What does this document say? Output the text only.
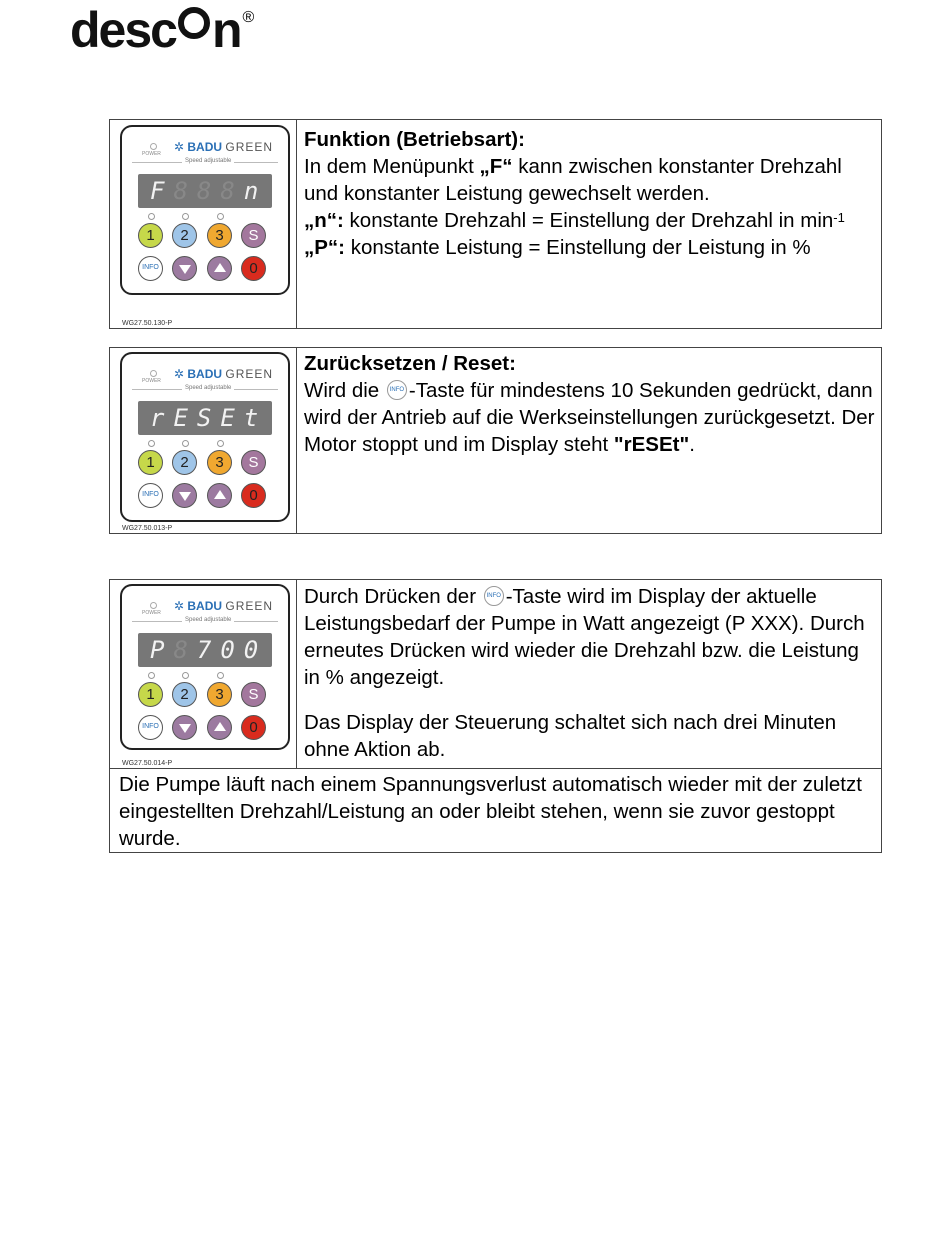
desc n ®
POWER ✲ BADU GREEN
Speed adjustable
F888n
1	2	3	S
INFO	0
WG27.50.130-P
Funktion (Betriebsart):
In dem Menüpunkt „F“ kann zwischen konstanter Drehzahl und konstanter Leistung gewechselt werden.
„n“: konstante Drehzahl = Einstellung der Drehzahl in $\min^{-1}$
„P“: konstante Leistung = Einstellung der Leistung in %
POWER ✲ BADU GREEN
Speed adjustable
rESEt
1	2	3	S
INFO	0
WG27.50.013-P
Zurücksetzen / Reset:
Wird die INFO -Taste für mindestens 10 Sekunden gedrückt, dann wird der Antrieb auf die Werkseinstellungen zurückgesetzt. Der Motor stoppt und im Display steht "rESEt".
POWER ✲ BADU GREEN
Speed adjustable
P8700
1	2	3	S
INFO	0
WG27.50.014-P
Durch Drücken der INFO -Taste wird im Display der aktuelle Leistungsbedarf der Pumpe in Watt angezeigt (P XXX). Durch erneutes Drücken wird wieder die Drehzahl bzw. die Leistung in % angezeigt.
Das Display der Steuerung schaltet sich nach drei Minuten ohne Aktion ab.
Die Pumpe läuft nach einem Spannungsverlust automatisch wieder mit der zuletzt eingestellten Drehzahl/Leistung an oder bleibt stehen, wenn sie zuvor gestoppt wurde.
